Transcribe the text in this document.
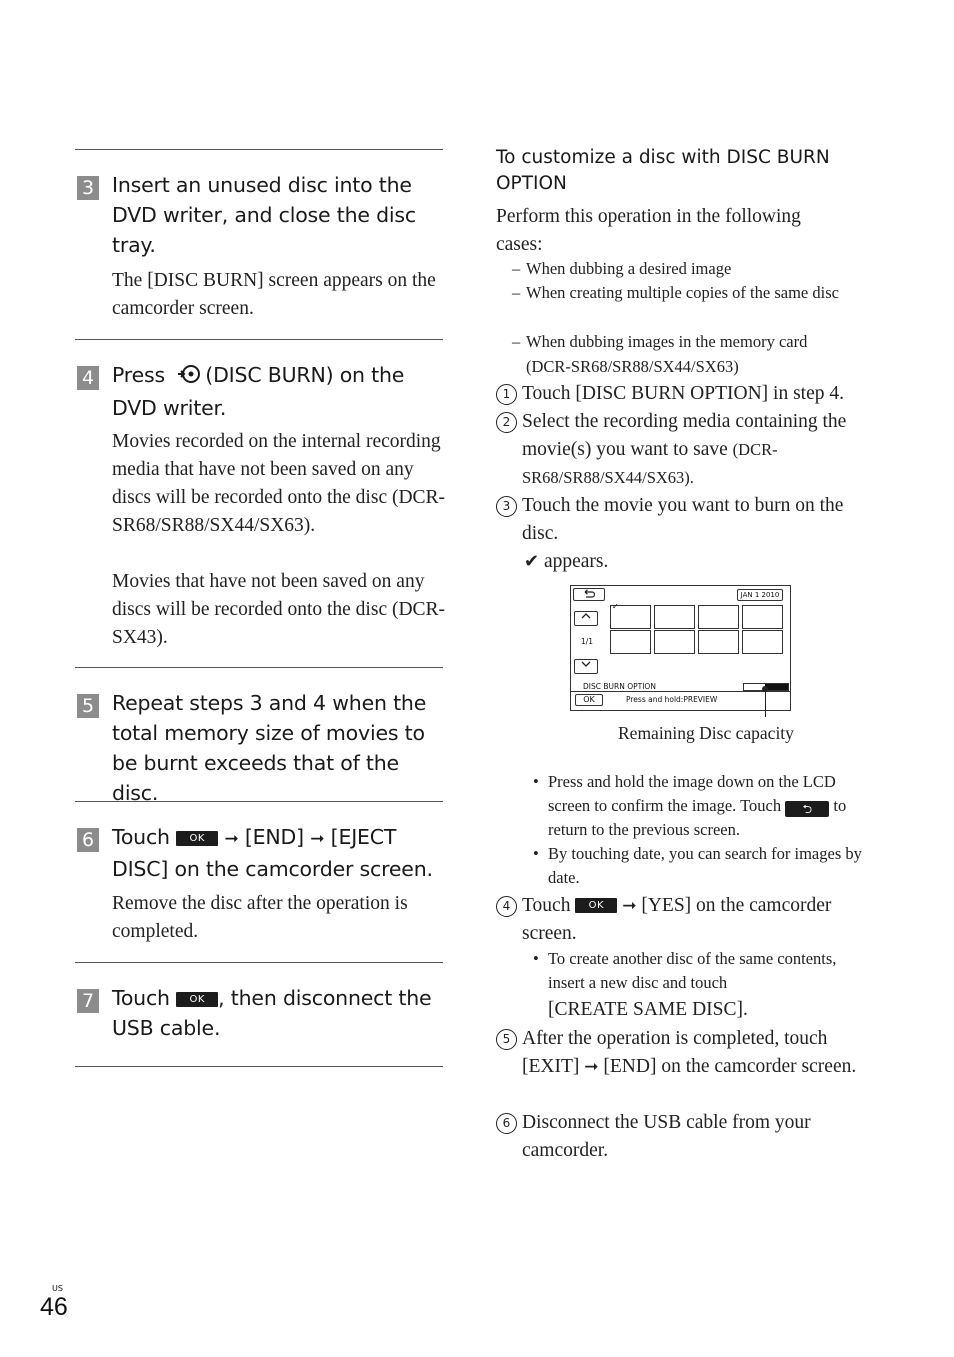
3 Insert an unused disc into the DVD writer, and close the disc tray.
The [DISC BURN] screen appears on the camcorder screen.
4 Press (DISC BURN) on the DVD writer.
Movies recorded on the internal recording media that have not been saved on any discs will be recorded onto the disc (DCR-SR68/SR88/SX44/SX63).
Movies that have not been saved on any discs will be recorded onto the disc (DCR-SX43).
5 Repeat steps 3 and 4 when the total memory size of movies to be burnt exceeds that of the disc.
6 Touch OK ➞ [END] ➞ [EJECT DISC] on the camcorder screen.
Remove the disc after the operation is completed.
7 Touch OK , then disconnect the USB cable.
To customize a disc with DISC BURN OPTION
Perform this operation in the following cases:
– When dubbing a desired image
– When creating multiple copies of the same disc
– When dubbing images in the memory card (DCR-SR68/SR88/SX44/SX63)
1 Touch [DISC BURN OPTION] in step 4.
2 Select the recording media containing the movie(s) you want to save (DCR-SR68/SR88/SX44/SX63).
3 Touch the movie you want to burn on the disc.
✔ appears.
JAN 1 2010
1/1
✓
DISC BURN OPTION
OK	Press and hold:PREVIEW
Remaining Disc capacity
• Press and hold the image down on the LCD screen to confirm the image. Touch ⮌ to return to the previous screen.
• By touching date, you can search for images by date.
4 Touch OK ➞ [YES] on the camcorder screen.
• To create another disc of the same contents, insert a new disc and touch
[CREATE SAME DISC].
5 After the operation is completed, touch [EXIT] ➞ [END] on the camcorder screen.
6 Disconnect the USB cable from your camcorder.
US
46
